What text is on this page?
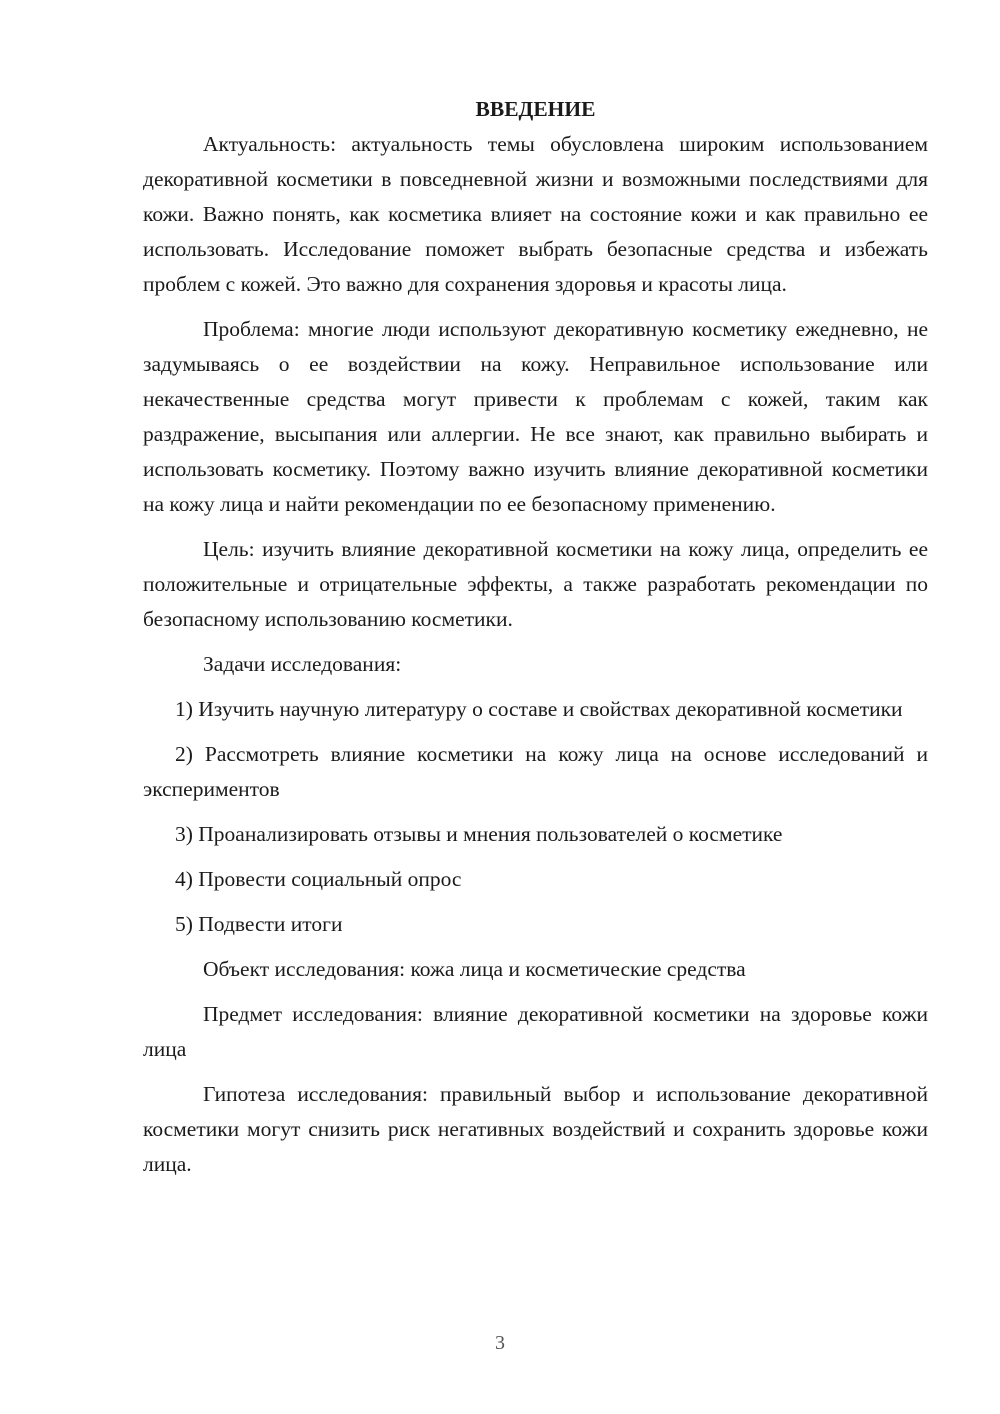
ВВЕДЕНИЕ

Актуальность: актуальность темы обусловлена широким использованием декоративной косметики в повседневной жизни и возможными последствиями для кожи. Важно понять, как косметика влияет на состояние кожи и как правильно ее использовать. Исследование поможет выбрать безопасные средства и избежать проблем с кожей. Это важно для сохранения здоровья и красоты лица.

Проблема: многие люди используют декоративную косметику ежедневно, не задумываясь о ее воздействии на кожу. Неправильное использование или некачественные средства могут привести к проблемам с кожей, таким как раздражение, высыпания или аллергии. Не все знают, как правильно выбирать и использовать косметику. Поэтому важно изучить влияние декоративной косметики на кожу лица и найти рекомендации по ее безопасному применению.

Цель: изучить влияние декоративной косметики на кожу лица, определить ее положительные и отрицательные эффекты, а также разработать рекомендации по безопасному использованию косметики.

Задачи исследования:

1) Изучить научную литературу о составе и свойствах декоративной косметики

2) Рассмотреть влияние косметики на кожу лица на основе исследований и экспериментов

3) Проанализировать отзывы и мнения пользователей о косметике

4) Провести социальный опрос

5) Подвести итоги

Объект исследования: кожа лица и косметические средства

Предмет исследования: влияние декоративной косметики на здоровье кожи лица

Гипотеза исследования: правильный выбор и использование декоративной косметики могут снизить риск негативных воздействий и сохранить здоровье кожи лица.

3
